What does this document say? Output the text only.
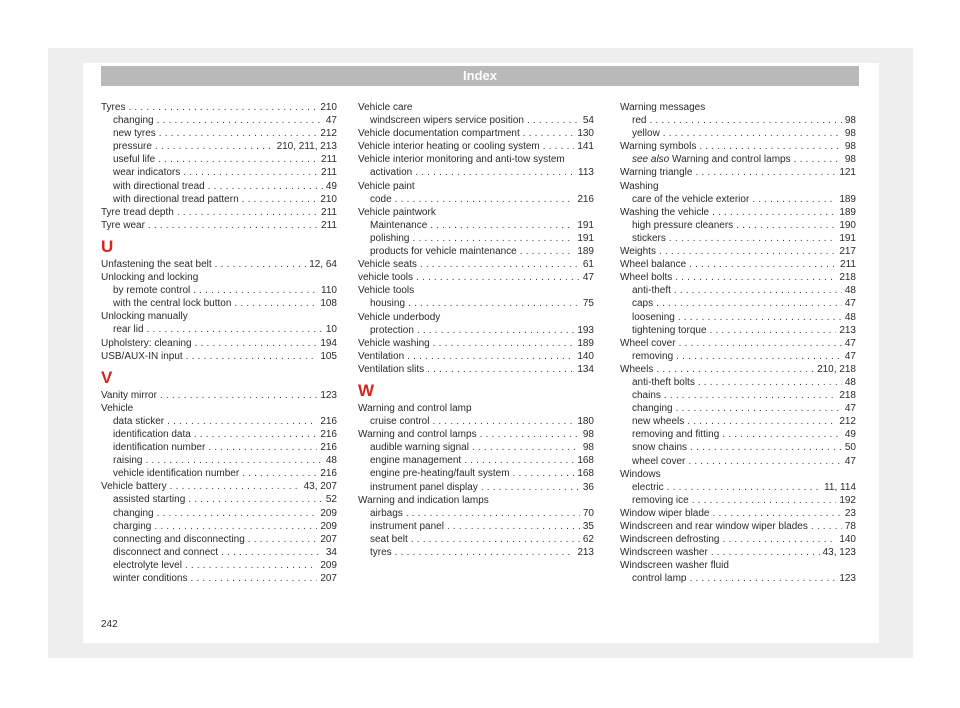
Index
Tyres . . .	210
changing . . .	47
new tyres . . .	212
pressure . . .	210, 211, 213
useful life . . .	211
wear indicators . . .	211
with directional tread . . .	49
with directional tread pattern . . .	210
Tyre tread depth . . .	211
Tyre wear . . .	211
U
Unfastening the seat belt . . .	12, 64
Unlocking and locking
by remote control . . .	110
with the central lock button . . .	108
Unlocking manually
rear lid . . .	10
Upholstery: cleaning . . .	194
USB/AUX-IN input . . .	105
V
Vanity mirror . . .	123
Vehicle
data sticker . . .	216
identification data . . .	216
identification number . . .	216
raising . . .	48
vehicle identification number . . .	216
Vehicle battery . . .	43, 207
assisted starting . . .	52
changing . . .	209
charging . . .	209
connecting and disconnecting . . .	207
disconnect and connect . . .	34
electrolyte level . . .	209
winter conditions . . .	207
Vehicle care
windscreen wipers service position . . .	54
Vehicle documentation compartment . . .	130
Vehicle interior heating or cooling system . . .	141
Vehicle interior monitoring and anti-tow system
activation . . .	113
Vehicle paint
code . . .	216
Vehicle paintwork
Maintenance . . .	191
polishing . . .	191
products for vehicle maintenance . . .	189
Vehicle seats . . .	61
vehicle tools . . .	47
Vehicle tools
housing . . .	75
Vehicle underbody
protection . . .	193
Vehicle washing . . .	189
Ventilation . . .	140
Ventilation slits . . .	134
W
Warning and control lamp
cruise control . . .	180
Warning and control lamps . . .	98
audible warning signal . . .	98
engine management . . .	168
engine pre-heating/fault system . . .	168
instrument panel display . . .	36
Warning and indication lamps
airbags . . .	70
instrument panel . . .	35
seat belt . . .	62
tyres . . .	213
Warning messages
red . . .	98
yellow . . .	98
Warning symbols . . .	98
see also Warning and control lamps . . .	98
Warning triangle . . .	121
Washing
care of the vehicle exterior . . .	189
Washing the vehicle . . .	189
high pressure cleaners . . .	190
stickers . . .	191
Weights . . .	217
Wheel balance . . .	211
Wheel bolts . . .	218
anti-theft . . .	48
caps . . .	47
loosening . . .	48
tightening torque . . .	213
Wheel cover . . .	47
removing . . .	47
Wheels . . .	210, 218
anti-theft bolts . . .	48
chains . . .	218
changing . . .	47
new wheels . . .	212
removing and fitting . . .	49
snow chains . . .	50
wheel cover . . .	47
Windows
electric . . .	11, 114
removing ice . . .	192
Window wiper blade . . .	23
Windscreen and rear window wiper blades . . .	78
Windscreen defrosting . . .	140
Windscreen washer . . .	43, 123
Windscreen washer fluid
control lamp . . .	123
242
